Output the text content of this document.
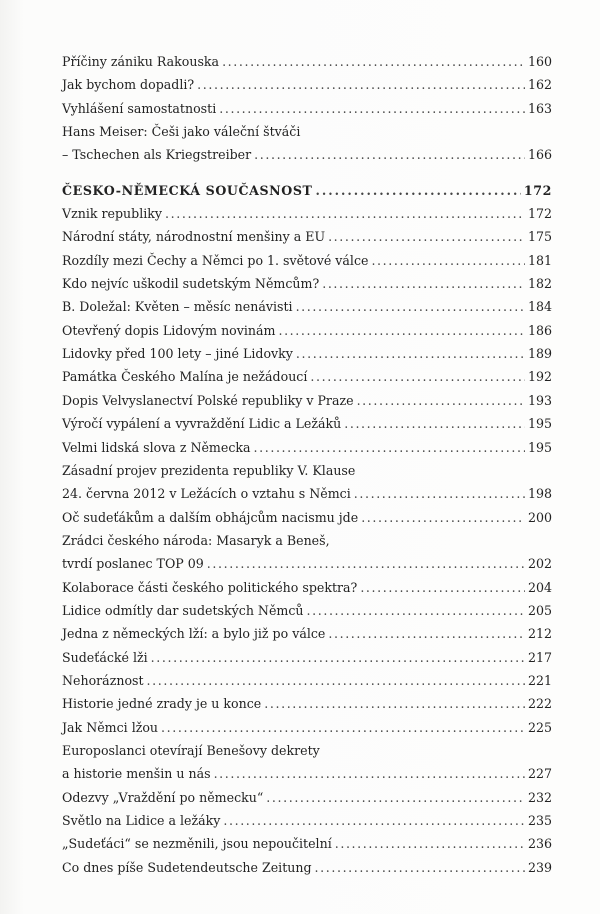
Příčiny zániku Rakouska . . .	160
Jak bychom dopadli? . . .	162
Vyhlášení samostatnosti . . .	163
Hans Meiser: Češi jako váleční štváči
– Tschechen als Kriegstreiber . . .	166
ČESKO-NĚMECKÁ SOUČASNOST . . .	172
Vznik republiky . . .	172
Národní státy, národnostní menšiny a EU . . .	175
Rozdíly mezi Čechy a Němci po 1. světové válce . . .	181
Kdo nejvíc uškodil sudetským Němcům? . . .	182
B. Doležal: Květen – měsíc nenávisti . . .	184
Otevřený dopis Lidovým novinám . . .	186
Lidovky před 100 lety – jiné Lidovky . . .	189
Památka Českého Malína je nežádoucí . . .	192
Dopis Velvyslanectví Polské republiky v Praze . . .	193
Výročí vypálení a vyvraždění Lidic a Ležáků . . .	195
Velmi lidská slova z Německa . . .	195
Zásadní projev prezidenta republiky V. Klause
24. června 2012 v Ležácích o vztahu s Němci . . .	198
Oč sudeťákům a dalším obhájcům nacismu jde . . .	200
Zrádci českého národa: Masaryk a Beneš,
tvrdí poslanec TOP 09 . . .	202
Kolaborace části českého politického spektra? . . .	204
Lidice odmítly dar sudetských Němců . . .	205
Jedna z německých lží: a bylo již po válce . . .	212
Sudeťácké lži . . .	217
Nehoráznost . . .	221
Historie jedné zrady je u konce . . .	222
Jak Němci lžou . . .	225
Europoslanci otevírají Benešovy dekrety
a historie menšin u nás . . .	227
Odezvy „Vraždění po německu“ . . .	232
Světlo na Lidice a ležáky . . .	235
„Sudeťáci“ se nezměnili, jsou nepoučitelní . . .	236
Co dnes píše Sudetendeutsche Zeitung . . .	239
